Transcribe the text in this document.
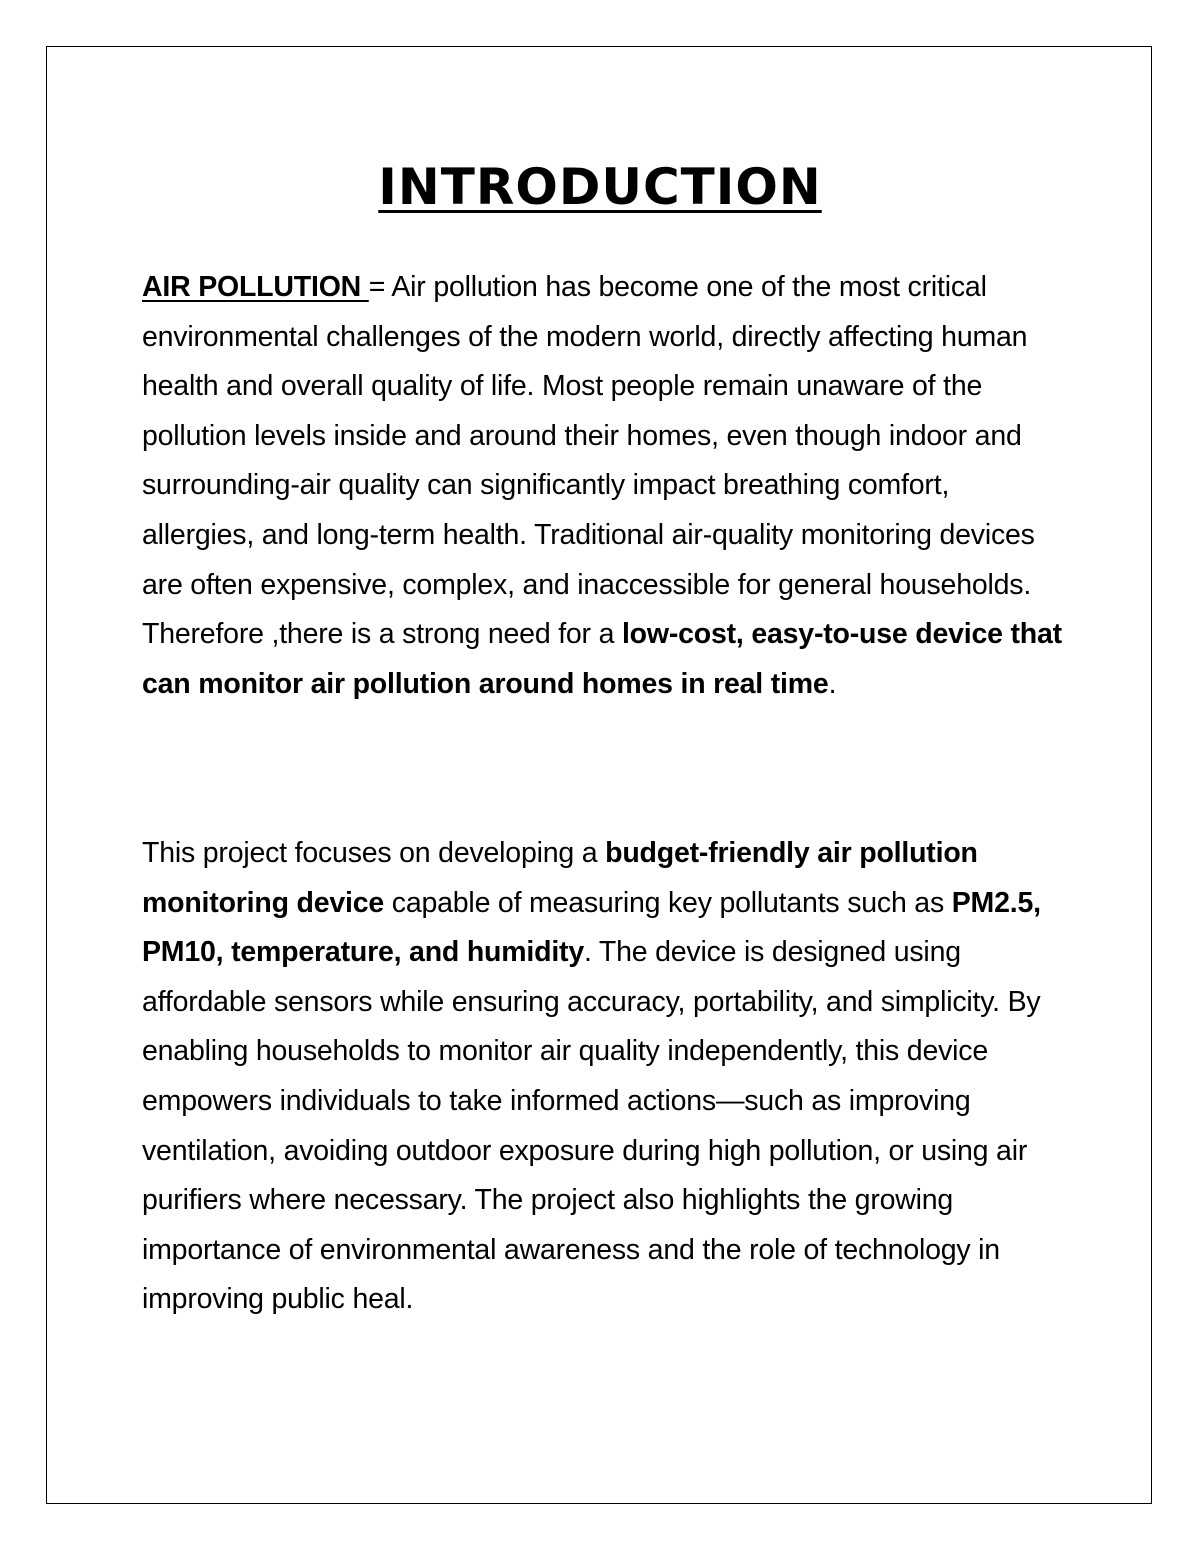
INTRODUCTION

AIR POLLUTION = Air pollution has become one of the most critical environmental challenges of the modern world, directly affecting human health and overall quality of life. Most people remain unaware of the pollution levels inside and around their homes, even though indoor and surrounding-air quality can significantly impact breathing comfort, allergies, and long-term health. Traditional air-quality monitoring devices are often expensive, complex, and inaccessible for general households. Therefore ,there is a strong need for a low-cost, easy-to-use device that can monitor air pollution around homes in real time.

This project focuses on developing a budget-friendly air pollution monitoring device capable of measuring key pollutants such as PM2.5, PM10, temperature, and humidity. The device is designed using affordable sensors while ensuring accuracy, portability, and simplicity. By enabling households to monitor air quality independently, this device empowers individuals to take informed actions—such as improving ventilation, avoiding outdoor exposure during high pollution, or using air purifiers where necessary. The project also highlights the growing importance of environmental awareness and the role of technology in improving public heal.
